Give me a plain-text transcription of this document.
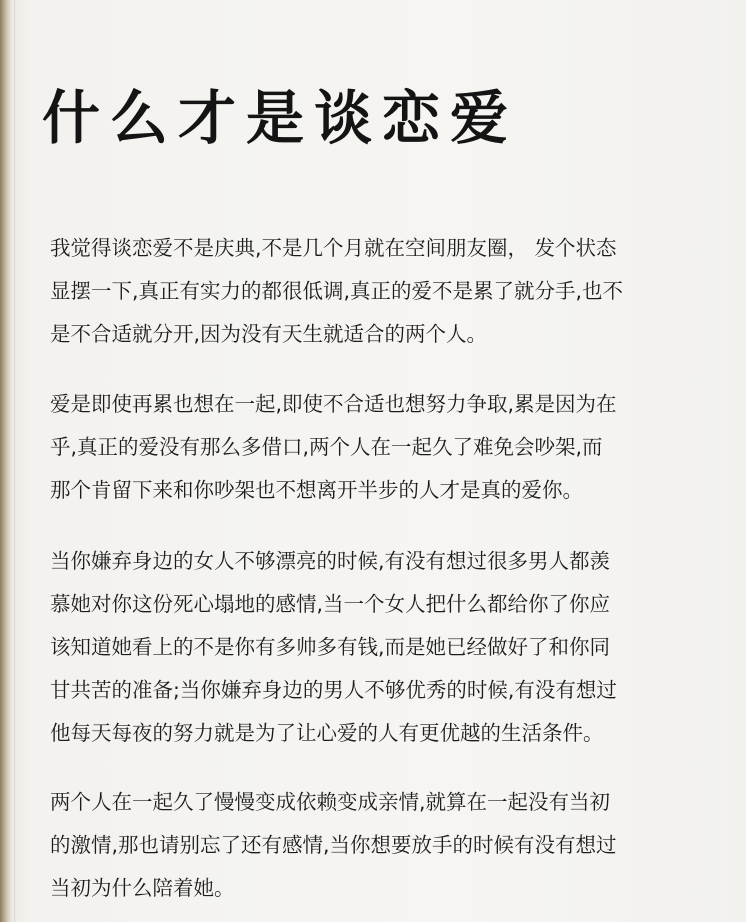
什么才是谈恋爱
我觉得谈恋爱不是庆典,不是几个月就在空间朋友圈， 发个状态
显摆一下,真正有实力的都很低调,真正的爱不是累了就分手,也不
是不合适就分开,因为没有天生就适合的两个人。
爱是即使再累也想在一起,即使不合适也想努力争取,累是因为在
乎,真正的爱没有那么多借口,两个人在一起久了难免会吵架,而
那个肯留下来和你吵架也不想离开半步的人才是真的爱你。
当你嫌弃身边的女人不够漂亮的时候,有没有想过很多男人都羡
慕她对你这份死心塌地的感情,当一个女人把什么都给你了你应
该知道她看上的不是你有多帅多有钱,而是她已经做好了和你同
甘共苦的准备;当你嫌弃身边的男人不够优秀的时候,有没有想过
他每天每夜的努力就是为了让心爱的人有更优越的生活条件。
两个人在一起久了慢慢变成依赖变成亲情,就算在一起没有当初
的激情,那也请别忘了还有感情,当你想要放手的时候有没有想过
当初为什么陪着她。
